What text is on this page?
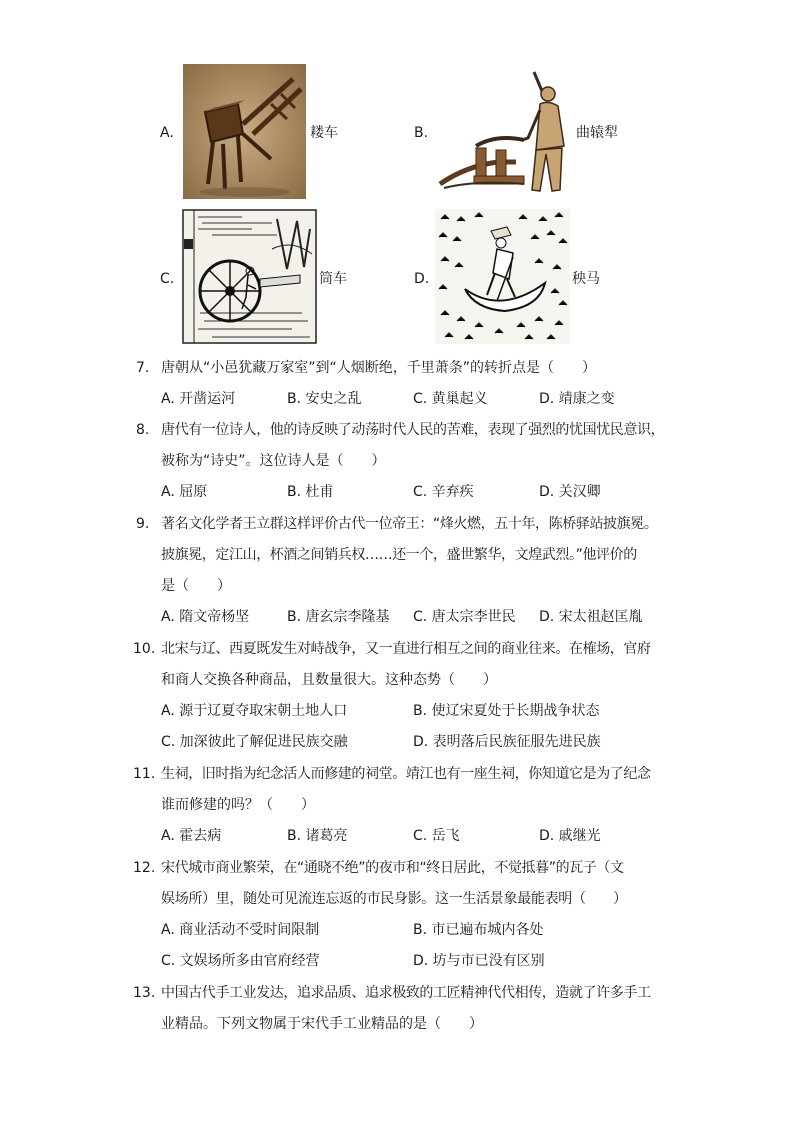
A.	耧车	B.	曲辕犁
C.	筒车	D.	秧马
7. 唐朝从“小邑犹藏万家室”到“人烟断绝，千里萧条”的转折点是（　　）
A. 开凿运河	B. 安史之乱	C. 黄巢起义	D. 靖康之变
8. 唐代有一位诗人，他的诗反映了动荡时代人民的苦难，表现了强烈的忧国忧民意识，
被称为“诗史”。这位诗人是（　　）
A. 屈原	B. 杜甫	C. 辛弃疾	D. 关汉卿
9. 著名文化学者王立群这样评价古代一位帝王：“烽火燃，五十年，陈桥驿站披旗冕。
披旗冕，定江山，杯酒之间销兵权……还一个，盛世繁华，文煌武烈。”他评价的
是（　　）
A. 隋文帝杨坚	B. 唐玄宗李隆基 C. 唐太宗李世民 D. 宋太祖赵匡胤
10. 北宋与辽、西夏既发生对峙战争，又一直进行相互之间的商业往来。在榷场，官府
和商人交换各种商品，且数量很大。这种态势（　　）
A. 源于辽夏夺取宋朝土地人口	B. 使辽宋夏处于长期战争状态
C. 加深彼此了解促进民族交融	D. 表明落后民族征服先进民族
11. 生祠，旧时指为纪念活人而修建的祠堂。靖江也有一座生祠，你知道它是为了纪念
谁而修建的吗？（　　）
A. 霍去病	B. 诸葛亮	C. 岳飞	D. 戚继光
12. 宋代城市商业繁荣，在“通晓不绝”的夜市和“终日居此，不觉抵暮”的瓦子（文
娱场所）里，随处可见流连忘返的市民身影。这一生活景象最能表明（　　）
A. 商业活动不受时间限制	B. 市已遍布城内各处
C. 文娱场所多由官府经营	D. 坊与市已没有区别
13. 中国古代手工业发达，追求品质、追求极致的工匠精神代代相传，造就了许多手工
业精品。下列文物属于宋代手工业精品的是（　　）
